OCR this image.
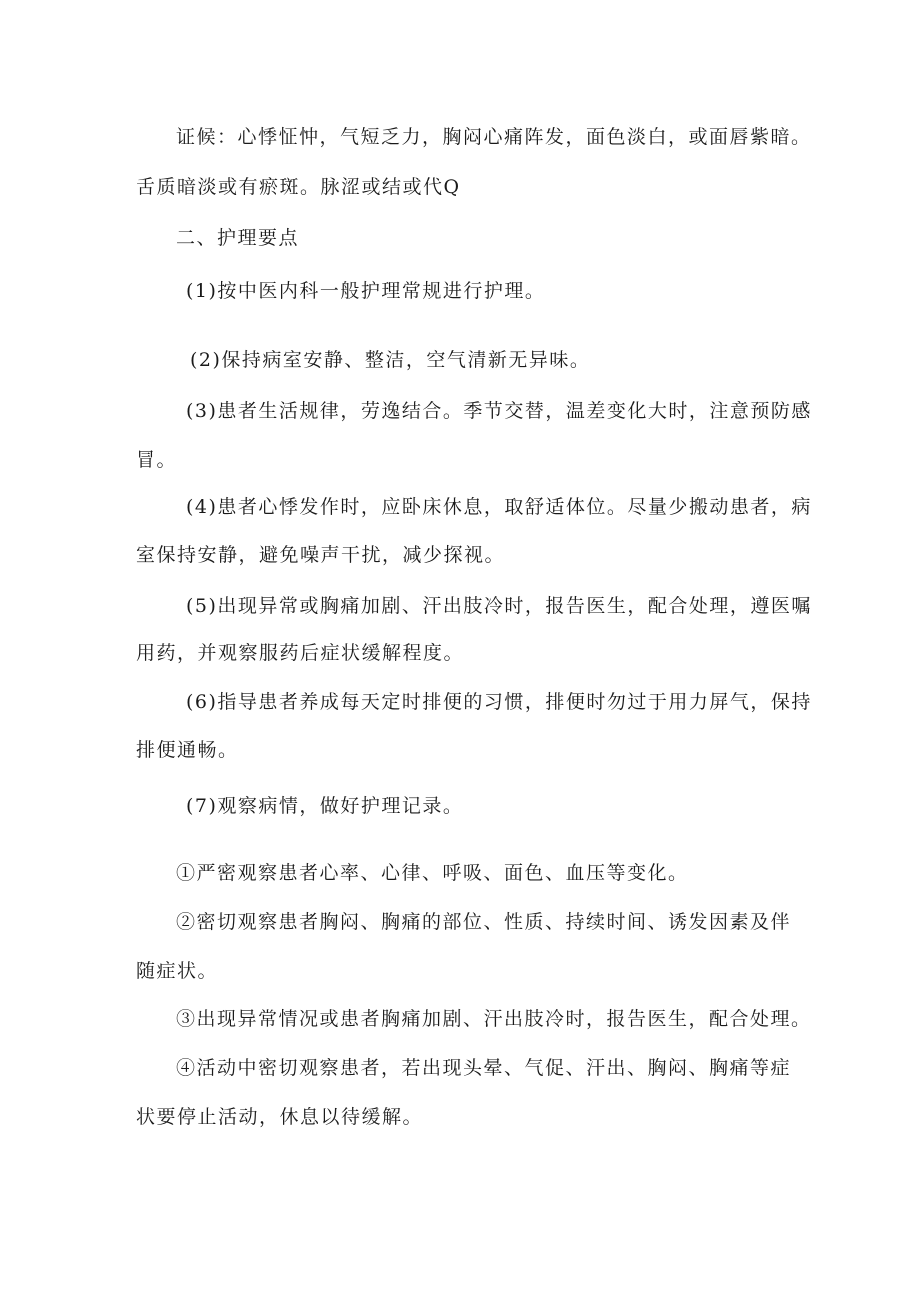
证候：心悸怔忡，气短乏力，胸闷心痛阵发，面色淡白，或面唇紫暗。
舌质暗淡或有瘀斑。脉涩或结或代Q
二、护理要点
(1)按中医内科一般护理常规进行护理。
(2)保持病室安静、整洁，空气清新无异味。
(3)患者生活规律，劳逸结合。季节交替，温差变化大时，注意预防感
冒。
(4)患者心悸发作时，应卧床休息，取舒适体位。尽量少搬动患者，病
室保持安静，避免噪声干扰，减少探视。
(5)出现异常或胸痛加剧、汗出肢冷时，报告医生，配合处理，遵医嘱
用药，并观察服药后症状缓解程度。
(6)指导患者养成每天定时排便的习惯，排便时勿过于用力屏气，保持
排便通畅。
(7)观察病情，做好护理记录。
①严密观察患者心率、心律、呼吸、面色、血压等变化。
②密切观察患者胸闷、胸痛的部位、性质、持续时间、诱发因素及伴
随症状。
③出现异常情况或患者胸痛加剧、汗出肢冷时，报告医生，配合处理。
④活动中密切观察患者，若出现头晕、气促、汗出、胸闷、胸痛等症
状要停止活动，休息以待缓解。
